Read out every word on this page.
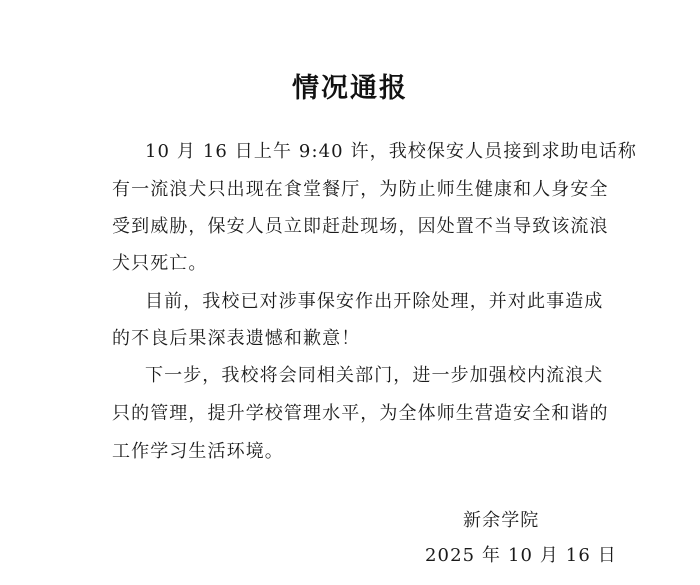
情况通报
10 月 16 日上午 9:40 许，我校保安人员接到求助电话称
有一流浪犬只出现在食堂餐厅，为防止师生健康和人身安全
受到威胁，保安人员立即赶赴现场，因处置不当导致该流浪
犬只死亡。
目前，我校已对涉事保安作出开除处理，并对此事造成
的不良后果深表遗憾和歉意！
下一步，我校将会同相关部门，进一步加强校内流浪犬
只的管理，提升学校管理水平，为全体师生营造安全和谐的
工作学习生活环境。
新余学院
2025 年 10 月 16 日
